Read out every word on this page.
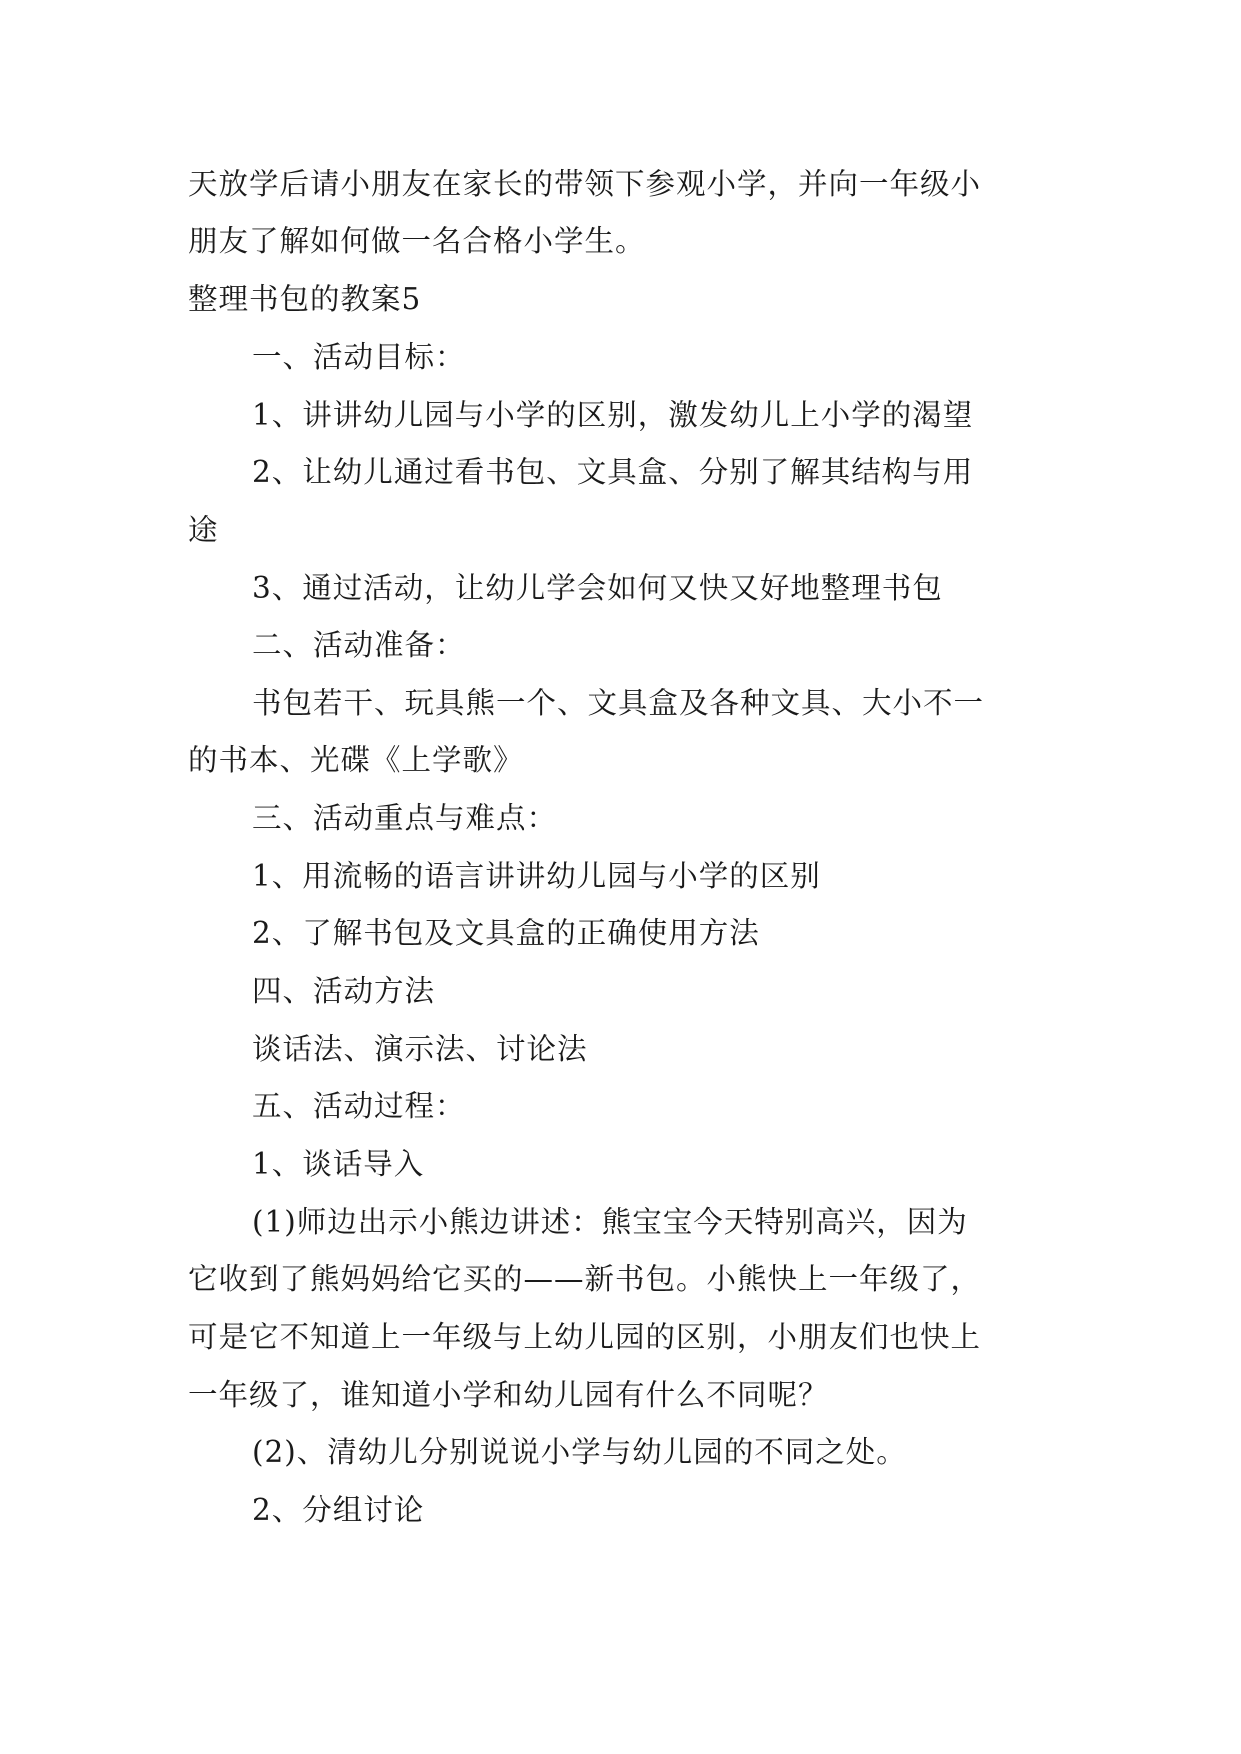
天放学后请小朋友在家长的带领下参观小学，并向一年级小

朋友了解如何做一名合格小学生。

整理书包的教案5

一、活动目标：

1、讲讲幼儿园与小学的区别，激发幼儿上小学的渴望

2、让幼儿通过看书包、文具盒、分别了解其结构与用

途

3、通过活动，让幼儿学会如何又快又好地整理书包

二、活动准备：

书包若干、玩具熊一个、文具盒及各种文具、大小不一

的书本、光碟《上学歌》

三、活动重点与难点：

1、用流畅的语言讲讲幼儿园与小学的区别

2、了解书包及文具盒的正确使用方法

四、活动方法

谈话法、演示法、讨论法

五、活动过程：

1、谈话导入

(1)师边出示小熊边讲述：熊宝宝今天特别高兴，因为

它收到了熊妈妈给它买的——新书包。小熊快上一年级了，

可是它不知道上一年级与上幼儿园的区别，小朋友们也快上

一年级了，谁知道小学和幼儿园有什么不同呢？

(2)、清幼儿分别说说小学与幼儿园的不同之处。

2、分组讨论
